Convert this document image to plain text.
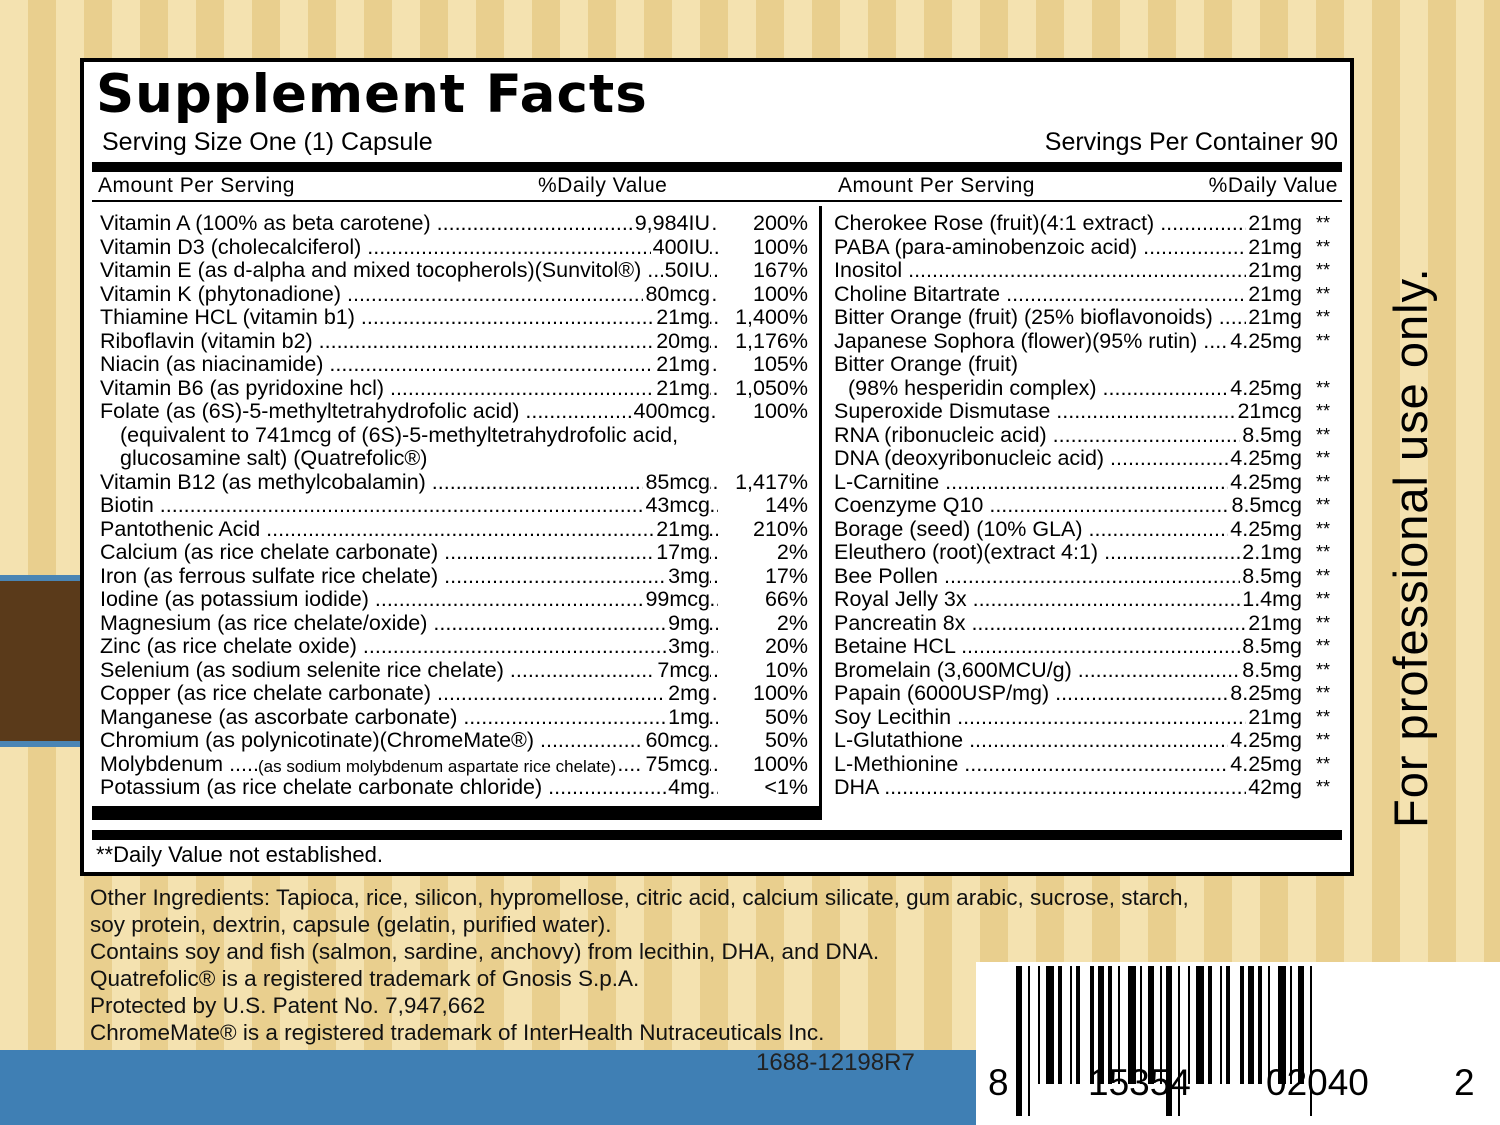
Supplement Facts
Serving Size One (1) Capsule	Servings Per Container 90
Amount Per Serving	%Daily Value	Amount Per Serving	%Daily Value
Vitamin A (100% as beta carotene) .....	9,984IU	200%
Vitamin D3 (cholecalciferol) .....	400IU	100%
Vitamin E (as d-alpha and mixed tocopherols)(Sunvitol®) .....	50IU	167%
Vitamin K (phytonadione) .....	80mcg	100%
Thiamine HCL (vitamin b1) .....	21mg	1,400%
Riboflavin (vitamin b2) .....	20mg	1,176%
Niacin (as niacinamide) .....	21mg	105%
Vitamin B6 (as pyridoxine hcl) .....	21mg	1,050%
Folate (as (6S)-5-methyltetrahydrofolic acid) .....	400mcg	100%
(equivalent to 741mcg of (6S)-5-methyltetrahydrofolic acid,
glucosamine salt) (Quatrefolic®)
Vitamin B12 (as methylcobalamin) .....	85mcg	1,417%
Biotin .....	43mcg	14%
Pantothenic Acid .....	21mg	210%
Calcium (as rice chelate carbonate) .....	17mg	2%
Iron (as ferrous sulfate rice chelate) .....	3mg	17%
Iodine (as potassium iodide) .....	99mcg	66%
Magnesium (as rice chelate/oxide) .....	9mg	2%
Zinc (as rice chelate oxide) .....	3mg	20%
Selenium (as sodium selenite rice chelate) .....	7mcg	10%
Copper (as rice chelate carbonate) .....	2mg	100%
Manganese (as ascorbate carbonate) .....	1mg	50%
Chromium (as polynicotinate)(ChromeMate®) .....	60mcg	50%
Molybdenum .....	(as sodium molybdenum aspartate rice chelate) 75mcg	100%
Potassium (as rice chelate carbonate chloride) .....	4mg	<1%
Cherokee Rose (fruit)(4:1 extract) .....	21mg **
PABA (para-aminobenzoic acid) .....	21mg **
Inositol .....	21mg **
Choline Bitartrate .....	21mg **
Bitter Orange (fruit) (25% bioflavonoids) .....	21mg **
Japanese Sophora (flower)(95% rutin) .....	4.25mg **
Bitter Orange (fruit)
(98% hesperidin complex) .....	4.25mg **
Superoxide Dismutase .....	21mcg **
RNA (ribonucleic acid) .....	8.5mg **
DNA (deoxyribonucleic acid) .....	4.25mg **
L-Carnitine .....	4.25mg **
Coenzyme Q10 .....	8.5mcg **
Borage (seed) (10% GLA) .....	4.25mg **
Eleuthero (root)(extract 4:1) .....	2.1mg **
Bee Pollen .....	8.5mg **
Royal Jelly 3x .....	1.4mg **
Pancreatin 8x .....	21mg **
Betaine HCL .....	8.5mg **
Bromelain (3,600MCU/g) .....	8.5mg **
Papain (6000USP/mg) .....	8.25mg **
Soy Lecithin .....	21mg **
L-Glutathione .....	4.25mg **
L-Methionine .....	4.25mg **
DHA .....	42mg **
**Daily Value not established.
Other Ingredients: Tapioca, rice, silicon, hypromellose, citric acid, calcium silicate, gum arabic, sucrose, starch,
soy protein, dextrin, capsule (gelatin, purified water).
Contains soy and fish (salmon, sardine, anchovy) from lecithin, DHA, and DNA.
Quatrefolic® is a registered trademark of Gnosis S.p.A.
Protected by U.S. Patent No. 7,947,662
ChromeMate® is a registered trademark of InterHealth Nutraceuticals Inc.
1688-12198R7
For professional use only.
8 15354 02040 2
